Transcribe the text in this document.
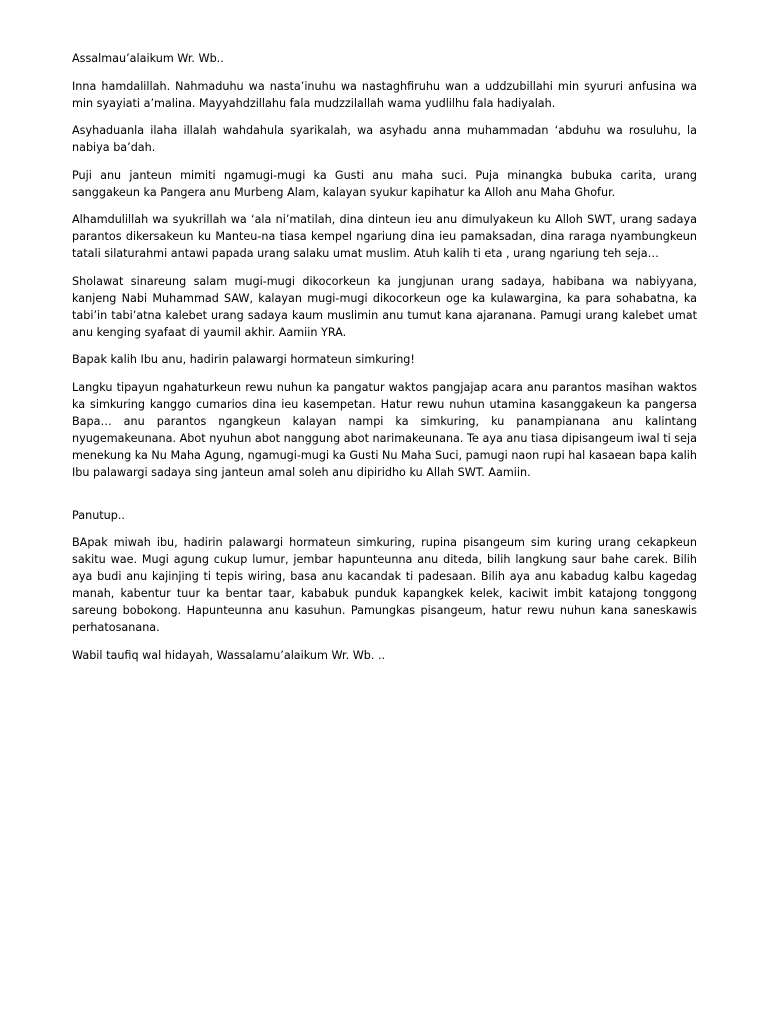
Assalmau’alaikum Wr. Wb..

Inna hamdalillah. Nahmaduhu wa nasta’inuhu wa nastaghfiruhu wan a uddzubillahi min syururi anfusina wa min syayiati a’malina. Mayyahdzillahu fala mudzzilallah wama yudlilhu fala hadiyalah.

Asyhaduanla ilaha illalah wahdahula syarikalah, wa asyhadu anna muhammadan ‘abduhu wa rosuluhu, la nabiya ba’dah.

Puji anu janteun mimiti ngamugi-mugi ka Gusti anu maha suci. Puja minangka bubuka carita, urang sanggakeun ka Pangera anu Murbeng Alam, kalayan syukur kapihatur ka Alloh anu Maha Ghofur.

Alhamdulillah wa syukrillah wa ‘ala ni’matilah, dina dinteun ieu anu dimulyakeun ku Alloh SWT, urang sadaya parantos dikersakeun ku Manteu-na tiasa kempel ngariung dina ieu pamaksadan, dina raraga nyambungkeun tatali silaturahmi antawi papada urang salaku umat muslim. Atuh kalih ti eta , urang ngariung teh seja…

Sholawat sinareung salam mugi-mugi dikocorkeun ka jungjunan urang sadaya, habibana wa nabiyyana, kanjeng Nabi Muhammad SAW, kalayan mugi-mugi dikocorkeun oge ka kulawargina, ka para sohabatna, ka tabi’in tabi’atna kalebet urang sadaya kaum muslimin anu tumut kana ajaranana. Pamugi urang kalebet umat anu kenging syafaat di yaumil akhir. Aamiin YRA.

Bapak kalih Ibu anu, hadirin palawargi hormateun simkuring!

Langku tipayun ngahaturkeun rewu nuhun ka pangatur waktos pangjajap acara anu parantos masihan waktos ka simkuring kanggo cumarios dina ieu kasempetan. Hatur rewu nuhun utamina kasanggakeun ka pangersa Bapa… anu parantos ngangkeun kalayan nampi ka simkuring, ku panampianana anu kalintang nyugemakeunana. Abot nyuhun abot nanggung abot narimakeunana. Te aya anu tiasa dipisangeum iwal ti seja menekung ka Nu Maha Agung, ngamugi-mugi ka Gusti Nu Maha Suci, pamugi naon rupi hal kasaean bapa kalih Ibu palawargi sadaya sing janteun amal soleh anu dipiridho ku Allah SWT. Aamiin.

Panutup..

BApak miwah ibu, hadirin palawargi hormateun simkuring, rupina pisangeum sim kuring urang cekapkeun sakitu wae. Mugi agung cukup lumur, jembar hapunteunna anu diteda, bilih langkung saur bahe carek. Bilih aya budi anu kajinjing ti tepis wiring, basa anu kacandak ti padesaan. Bilih aya anu kabadug kalbu kagedag manah, kabentur tuur ka bentar taar, kababuk punduk kapangkek kelek, kaciwit imbit katajong tonggong sareung bobokong. Hapunteunna anu kasuhun. Pamungkas pisangeum, hatur rewu nuhun kana saneskawis perhatosanana.

Wabil taufiq wal hidayah, Wassalamu’alaikum Wr. Wb. ..
